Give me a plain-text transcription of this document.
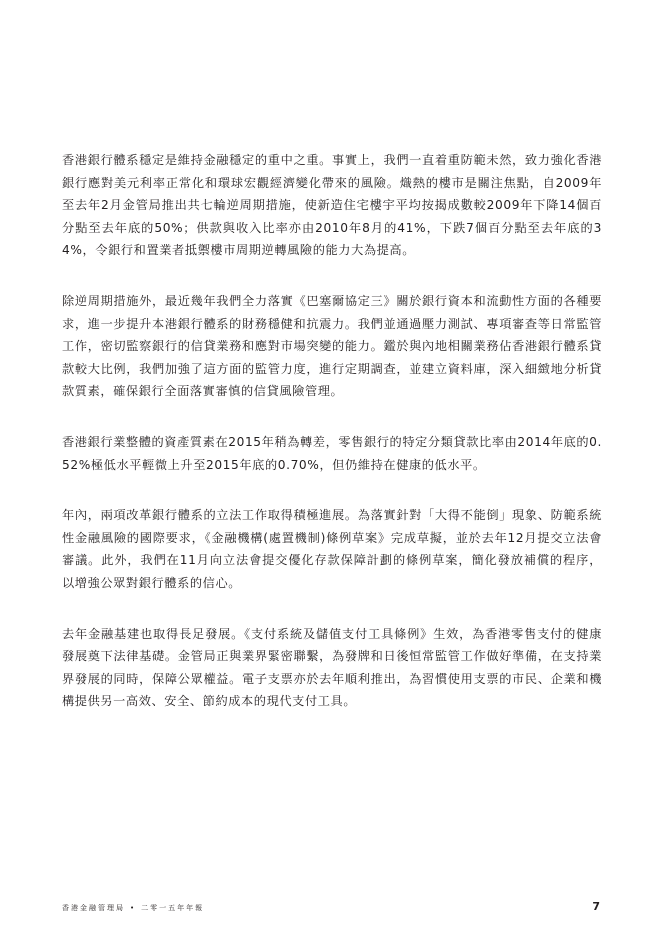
香港銀行體系穩定是維持金融穩定的重中之重。事實上，我們一直着重防範未然，致力強化香港銀行應對美元利率正常化和環球宏觀經濟變化帶來的風險。熾熱的樓市是關注焦點，自2009年至去年2月金管局推出共七輪逆周期措施，使新造住宅樓宇平均按揭成數較2009年下降14個百分點至去年底的50%；供款與收入比率亦由2010年8月的41%，下跌7個百分點至去年底的34%，令銀行和置業者抵禦樓市周期逆轉風險的能力大為提高。

除逆周期措施外，最近幾年我們全力落實《巴塞爾協定三》關於銀行資本和流動性方面的各種要求，進一步提升本港銀行體系的財務穩健和抗震力。我們並通過壓力測試、專項審查等日常監管工作，密切監察銀行的信貸業務和應對市場突變的能力。鑑於與內地相關業務佔香港銀行體系貸款較大比例，我們加強了這方面的監管力度，進行定期調查，並建立資料庫，深入細緻地分析貸款質素，確保銀行全面落實審慎的信貸風險管理。

香港銀行業整體的資產質素在2015年稍為轉差，零售銀行的特定分類貸款比率由2014年底的0.52%極低水平輕微上升至2015年底的0.70%，但仍維持在健康的低水平。

年內，兩項改革銀行體系的立法工作取得積極進展。為落實針對「大得不能倒」現象、防範系統性金融風險的國際要求，《金融機構(處置機制)條例草案》完成草擬，並於去年12月提交立法會審議。此外，我們在11月向立法會提交優化存款保障計劃的條例草案，簡化發放補償的程序，以增強公眾對銀行體系的信心。

去年金融基建也取得長足發展。《支付系統及儲值支付工具條例》生效，為香港零售支付的健康發展奠下法律基礎。金管局正與業界緊密聯繫，為發牌和日後恒常監管工作做好準備，在支持業界發展的同時，保障公眾權益。電子支票亦於去年順利推出，為習慣使用支票的市民、企業和機構提供另一高效、安全、節約成本的現代支付工具。

香港金融管理局 • 二零一五年年報	7
